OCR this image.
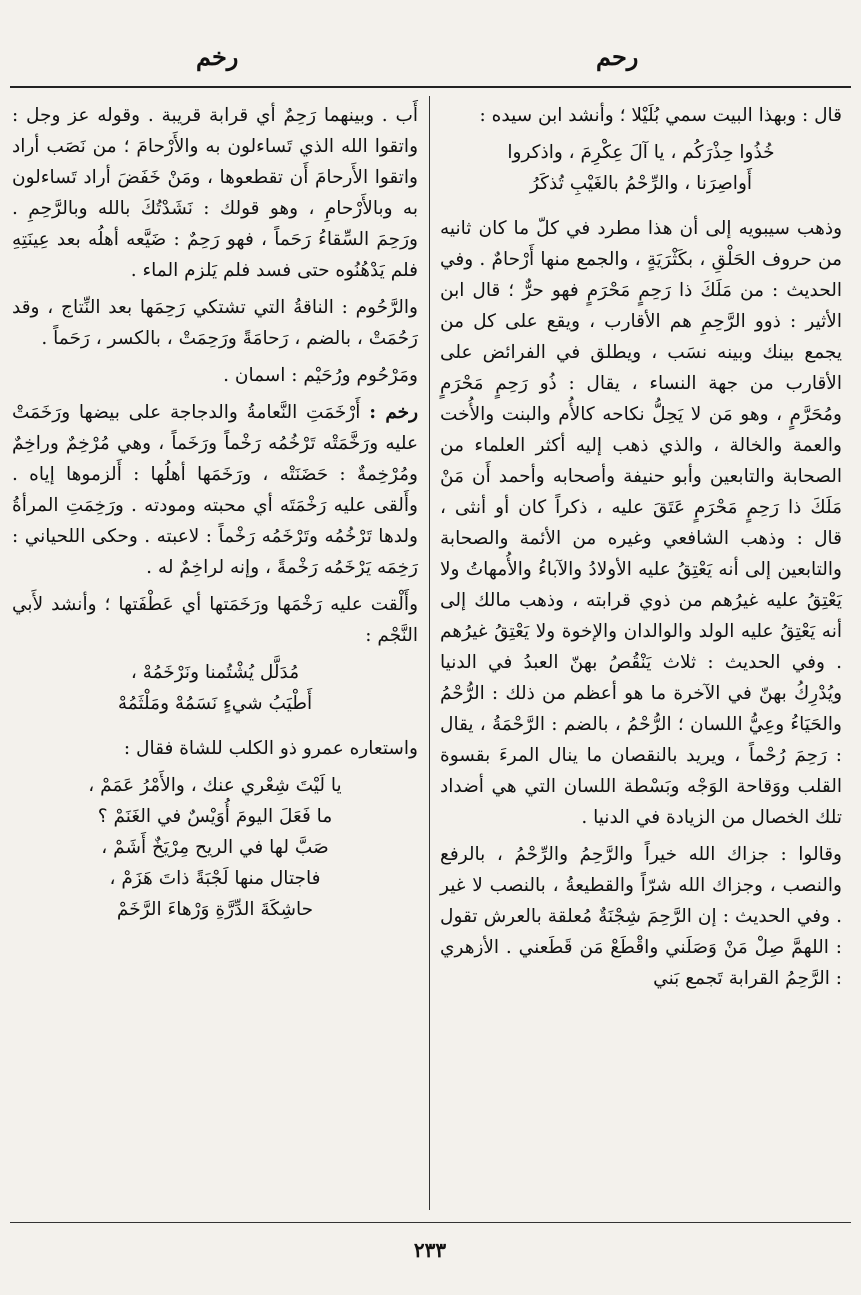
رحم
رخم

قال : وبهذا البيت سمي بُلَيْلا ؛ وأنشد ابن سيده :

خُذُوا حِذْرَكُم ، يا آلَ عِكْرِمَ ، واذكروا
أَواصِرَنا ، والرِّحْمُ بالغَيْبِ تُذكَرُ

وذهب سيبويه إلى أن هذا مطرد في كلّ ما كان ثانيه من حروف الحَلْقِ ، بكَثْرَيَةٍ ، والجمع منها أَرْحامٌ . وفي الحديث : من مَلَكَ ذا رَحِمٍ مَحْرَمٍ فهو حرٌّ ؛ قال ابن الأثير : ذوو الرَّحِمِ هم الأقارب ، ويقع على كل من يجمع بينك وبينه نسَب ، ويطلق في الفرائض على الأقارب من جهة النساء ، يقال : ذُو رَحِمٍ مَحْرَمٍ ومُحَرَّمٍ ، وهو مَن لا يَحِلُّ نكاحه كالأُم والبنت والأُخت والعمة والخالة ، والذي ذهب إليه أكثر العلماء من الصحابة والتابعين وأبو حنيفة وأصحابه وأحمد أَن مَنْ مَلَكَ ذا رَحِمٍ مَحْرَمٍ عَتَقَ عليه ، ذكراً كان أو أنثى ، قال : وذهب الشافعي وغيره من الأئمة والصحابة والتابعين إلى أنه يَعْتِقُ عليه الأولادُ والآباءُ والأُمهاتُ ولا يَعْتِقُ عليه غيرُهم من ذوي قرابته ، وذهب مالك إلى أنه يَعْتِقُ عليه الولد والوالدان والإخوة ولا يَعْتِقُ غيرُهم . وفي الحديث : ثلاث يَنْقُصُ بهنّ العبدُ في الدنيا ويُدْرِكُ بهنّ في الآخرة ما هو أعظم من ذلك : الرُّحْمُ والحَيَاءُ وعِيُّ اللسان ؛ الرُّحْمُ ، بالضم : الرَّحْمَةُ ، يقال : رَحِمَ رُحْماً ، ويريد بالنقصان ما ينال المرءَ بقسوة القلب ووَقاحة الوَجْه وبَسْطة اللسان التي هي أضداد تلك الخصال من الزيادة في الدنيا .

وقالوا : جزاك الله خيراً والرَّحِمُ والرِّحْمُ ، بالرفع والنصب ، وجزاك الله شرّاً والقطيعةُ ، بالنصب لا غير . وفي الحديث : إن الرَّحِمَ شِجْنَةٌ مُعلقة بالعرش تقول : اللهمَّ صِلْ مَنْ وَصَلَني واقْطَعْ مَن قَطَعني . الأزهري : الرَّحِمُ القرابة تَجمع بَني

أَب . وبينهما رَحِمٌ أي قرابة قريبة . وقوله عز وجل : واتقوا الله الذي تَساءلون به والأَرْحامَ ؛ من نَصَب أراد واتقوا الأَرحامَ أَن تقطعوها ، ومَنْ خَفَضَ أراد تَساءلون به وبالأَرْحامِ ، وهو قولك : نَشَدْتُكَ بالله وبالرَّحِمِ . ورَحِمَ السِّقاءُ رَحَماً ، فهو رَحِمٌ : ضَيَّعه أهلُه بعد عِينَتِهِ فلم يَدْهُنُوه حتى فسد فلم يَلزم الماء .

والرَّحُوم : الناقةُ التي تشتكي رَحِمَها بعد النِّتاج ، وقد رَحُمَتْ ، بالضم ، رَحامَةً ورَحِمَتْ ، بالكسر ، رَحَماً .

ومَرْحُوم ورُحَيْم : اسمان .

رخم : أَرْخَمَتِ النَّعامةُ والدجاجة على بيضها ورَخَمَتْ عليه ورَخَّمَتْه تَرْخُمُه رَخْماً ورَخَماً ، وهي مُرْخِمٌ وراخِمٌ ومُرْخِمةٌ : حَضَنَتْه ، ورَخَمَها أهلُها : أَلزموها إياه . وأَلقى عليه رَخْمَتَه أي محبته ومودته . ورَخِمَتِ المرأةُ ولدها تَرْخُمُه وتَرْخَمُه رَخْماً : لاعبته . وحكى اللحياني : رَخِمَه يَرْخَمُه رَخْمةً ، وإنه لراخِمٌ له .

وأَلْقت عليه رَخْمَها ورَخَمَتها أي عَطْفَتها ؛ وأنشد لأَبي النَّجْم :

مُدَلَّل يُشْتُمنا ونَرْخَمُهْ ،
أَطْيَبُ شيءٍ نَسَمُهْ ومَلْثَمُهْ

واستعاره عمرو ذو الكلب للشاة فقال :

يا لَيْتَ شِعْري عنك ، والأَمْرُ عَمَمْ ،
ما فَعَلَ اليومَ أُوَيْسٌ في الغَنَمْ ؟
صَبَّ لها في الريح مِرْيَخٌ أَشَمْ ،
فاجتال منها لَجْبَةً ذاتَ هَزَمْ ،
حاشِكَةَ الدِّرَّةِ وَرْهاءَ الرَّخَمْ
٢٣٣
